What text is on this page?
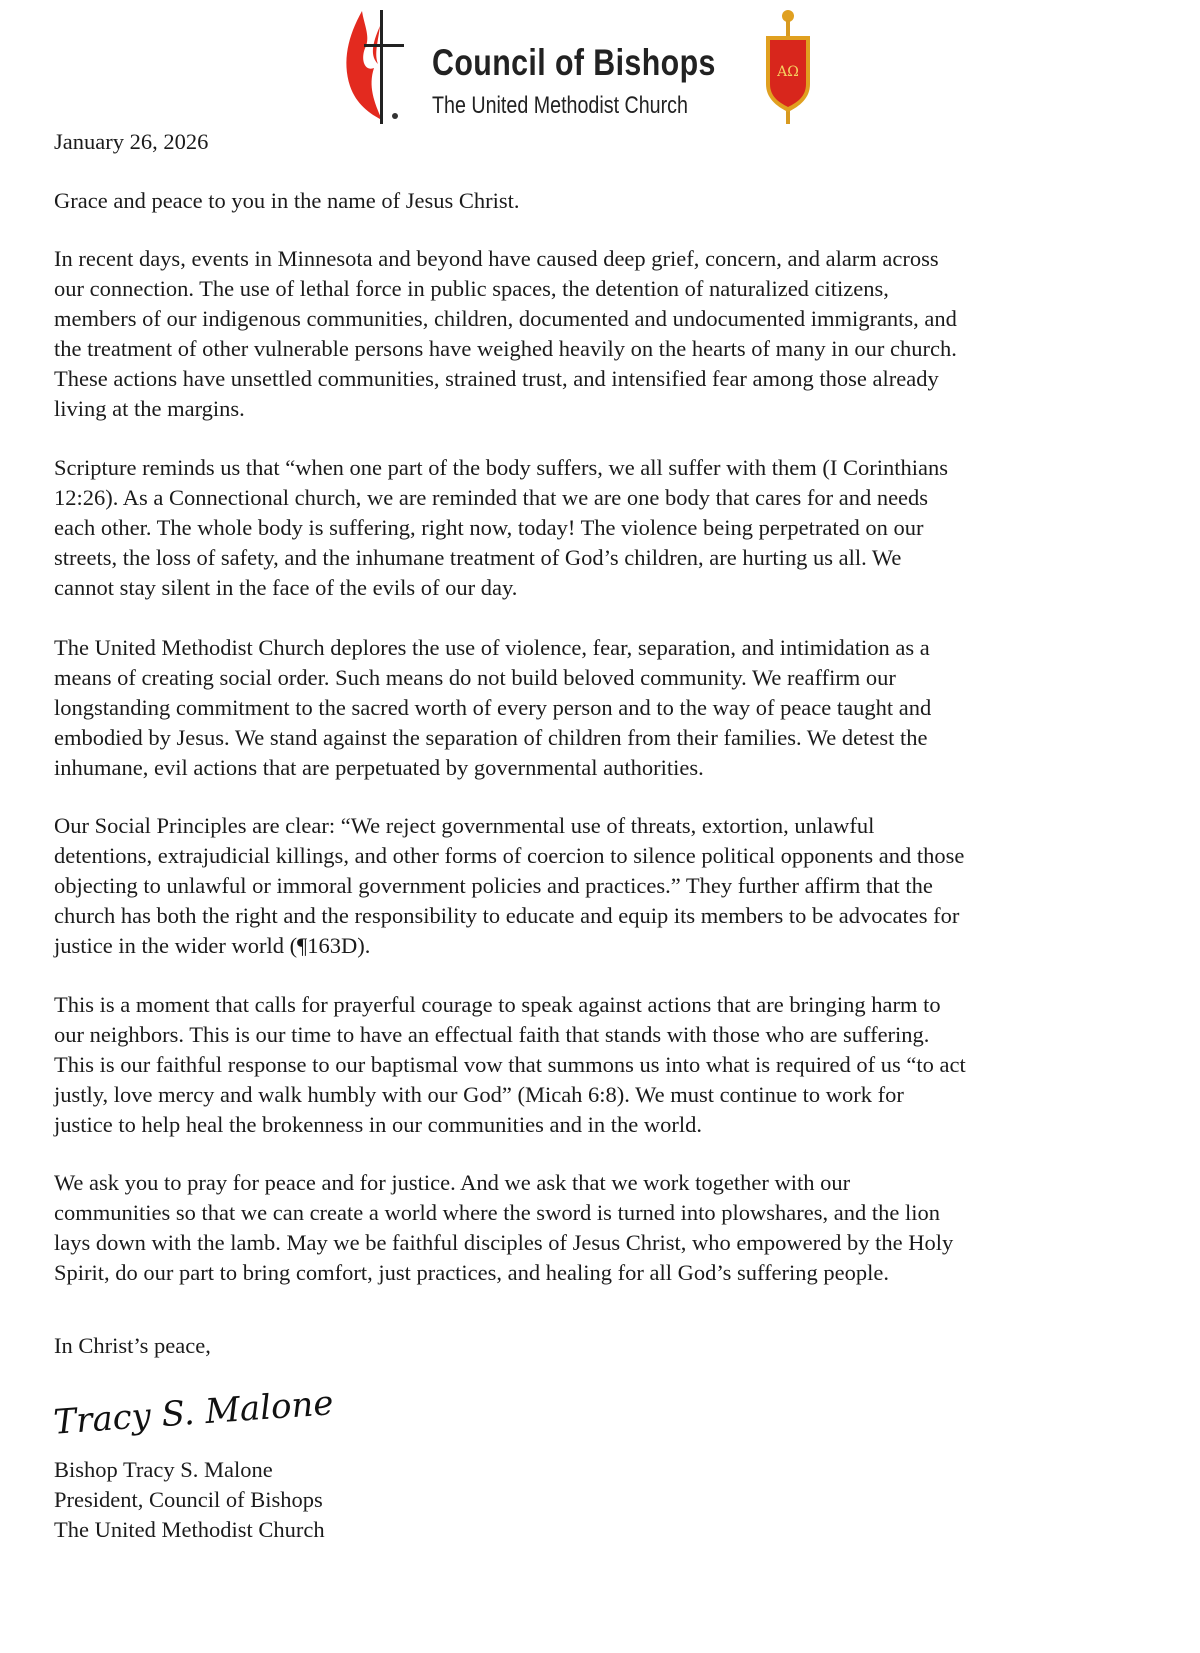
Council of Bishops
The United Methodist Church
AΩ
January 26, 2026
Grace and peace to you in the name of Jesus Christ.
In recent days, events in Minnesota and beyond have caused deep grief, concern, and alarm across
our connection. The use of lethal force in public spaces, the detention of naturalized citizens,
members of our indigenous communities, children, documented and undocumented immigrants, and
the treatment of other vulnerable persons have weighed heavily on the hearts of many in our church.
These actions have unsettled communities, strained trust, and intensified fear among those already
living at the margins.
Scripture reminds us that “when one part of the body suffers, we all suffer with them (I Corinthians
12:26). As a Connectional church, we are reminded that we are one body that cares for and needs
each other. The whole body is suffering, right now, today! The violence being perpetrated on our
streets, the loss of safety, and the inhumane treatment of God’s children, are hurting us all. We
cannot stay silent in the face of the evils of our day.
The United Methodist Church deplores the use of violence, fear, separation, and intimidation as a
means of creating social order. Such means do not build beloved community. We reaffirm our
longstanding commitment to the sacred worth of every person and to the way of peace taught and
embodied by Jesus. We stand against the separation of children from their families. We detest the
inhumane, evil actions that are perpetuated by governmental authorities.
Our Social Principles are clear: “We reject governmental use of threats, extortion, unlawful
detentions, extrajudicial killings, and other forms of coercion to silence political opponents and those
objecting to unlawful or immoral government policies and practices.” They further affirm that the
church has both the right and the responsibility to educate and equip its members to be advocates for
justice in the wider world (¶163D).
This is a moment that calls for prayerful courage to speak against actions that are bringing harm to
our neighbors. This is our time to have an effectual faith that stands with those who are suffering.
This is our faithful response to our baptismal vow that summons us into what is required of us “to act
justly, love mercy and walk humbly with our God” (Micah 6:8). We must continue to work for
justice to help heal the brokenness in our communities and in the world.
We ask you to pray for peace and for justice. And we ask that we work together with our
communities so that we can create a world where the sword is turned into plowshares, and the lion
lays down with the lamb. May we be faithful disciples of Jesus Christ, who empowered by the Holy
Spirit, do our part to bring comfort, just practices, and healing for all God’s suffering people.
In Christ’s peace,
Tracy S. Malone
Bishop Tracy S. Malone
President, Council of Bishops
The United Methodist Church
